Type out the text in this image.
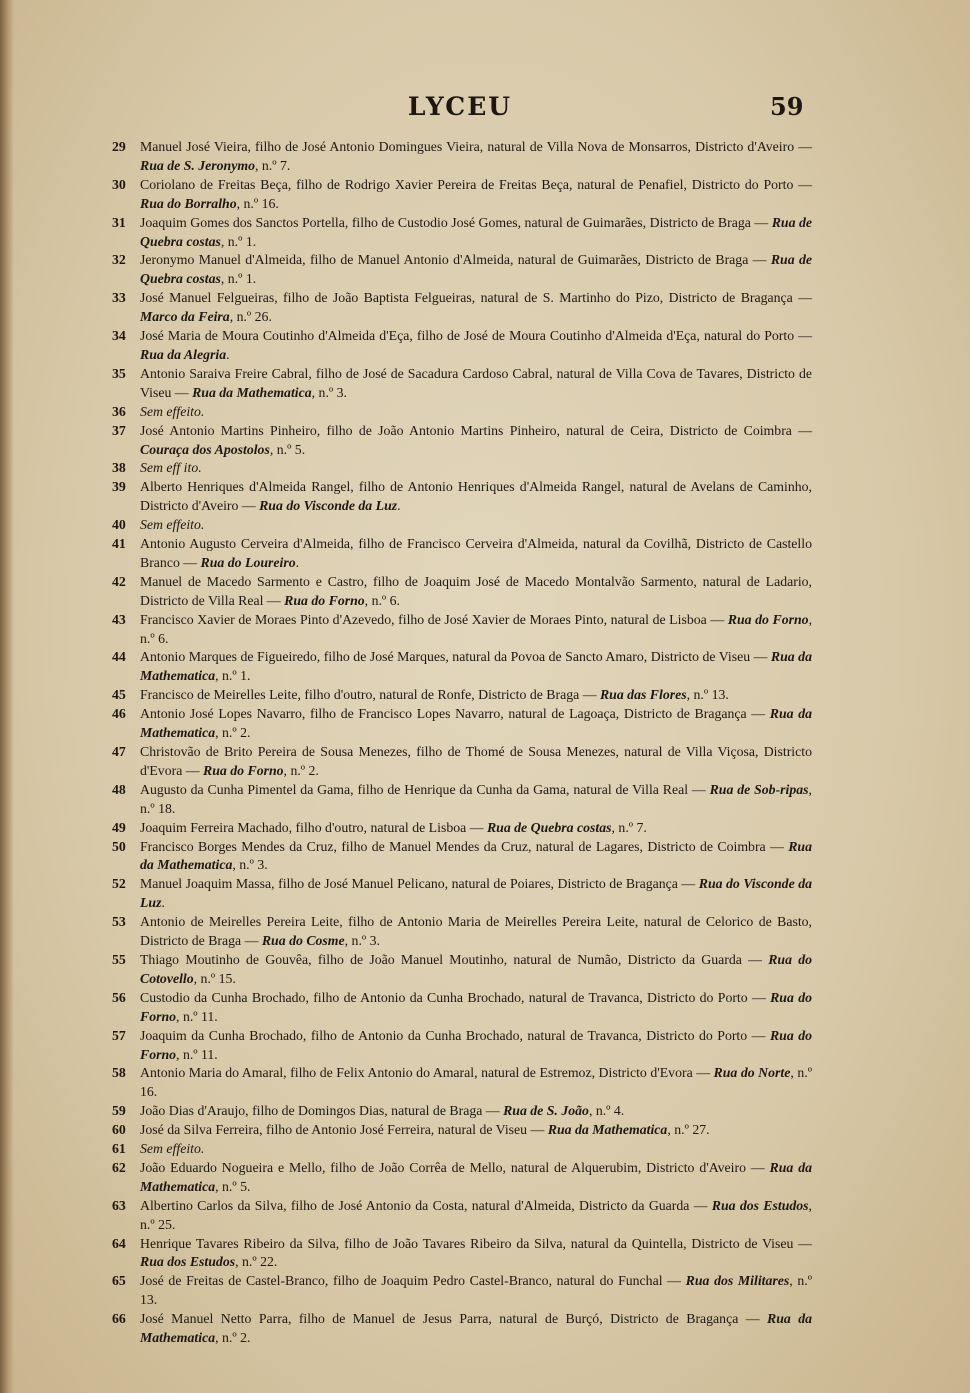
LYCEU	59
29	Manuel José Vieira, filho de José Antonio Domingues Vieira, natural de Villa Nova de Monsarros, Districto d'Aveiro — Rua de S. Jeronymo, n.º 7.
30	Coriolano de Freitas Beça, filho de Rodrigo Xavier Pereira de Freitas Beça, natural de Penafiel, Districto do Porto — Rua do Borralho, n.º 16.
31	Joaquim Gomes dos Sanctos Portella, filho de Custodio José Gomes, natural de Guimarães, Districto de Braga — Rua de Quebra costas, n.º 1.
32	Jeronymo Manuel d'Almeida, filho de Manuel Antonio d'Almeida, natural de Guimarães, Districto de Braga — Rua de Quebra costas, n.º 1.
33	José Manuel Felgueiras, filho de João Baptista Felgueiras, natural de S. Martinho do Pizo, Districto de Bragança — Marco da Feira, n.º 26.
34	José Maria de Moura Coutinho d'Almeida d'Eça, filho de José de Moura Coutinho d'Almeida d'Eça, natural do Porto — Rua da Alegria.
35	Antonio Saraiva Freire Cabral, filho de José de Sacadura Cardoso Cabral, natural de Villa Cova de Tavares, Districto de Viseu — Rua da Mathematica, n.º 3.
36	Sem effeito.
37	José Antonio Martins Pinheiro, filho de João Antonio Martins Pinheiro, natural de Ceira, Districto de Coimbra — Couraça dos Apostolos, n.º 5.
38	Sem eff ito.
39	Alberto Henriques d'Almeida Rangel, filho de Antonio Henriques d'Almeida Rangel, natural de Avelans de Caminho, Districto d'Aveiro — Rua do Visconde da Luz.
40	Sem effeito.
41	Antonio Augusto Cerveira d'Almeida, filho de Francisco Cerveira d'Almeida, natural da Covilhã, Districto de Castello Branco — Rua do Loureiro.
42	Manuel de Macedo Sarmento e Castro, filho de Joaquim José de Macedo Montalvão Sarmento, natural de Ladario, Districto de Villa Real — Rua do Forno, n.º 6.
43	Francisco Xavier de Moraes Pinto d'Azevedo, filho de José Xavier de Moraes Pinto, natural de Lisboa — Rua do Forno, n.º 6.
44	Antonio Marques de Figueiredo, filho de José Marques, natural da Povoa de Sancto Amaro, Districto de Viseu — Rua da Mathematica, n.º 1.
45	Francisco de Meirelles Leite, filho d'outro, natural de Ronfe, Districto de Braga — Rua das Flores, n.º 13.
46	Antonio José Lopes Navarro, filho de Francisco Lopes Navarro, natural de Lagoaça, Districto de Bragança — Rua da Mathematica, n.º 2.
47	Christovão de Brito Pereira de Sousa Menezes, filho de Thomé de Sousa Menezes, natural de Villa Viçosa, Districto d'Evora — Rua do Forno, n.º 2.
48	Augusto da Cunha Pimentel da Gama, filho de Henrique da Cunha da Gama, natural de Villa Real — Rua de Sob-ripas, n.º 18.
49	Joaquim Ferreira Machado, filho d'outro, natural de Lisboa — Rua de Quebra costas, n.º 7.
50	Francisco Borges Mendes da Cruz, filho de Manuel Mendes da Cruz, natural de Lagares, Districto de Coimbra — Rua da Mathematica, n.º 3.
52	Manuel Joaquim Massa, filho de José Manuel Pelicano, natural de Poiares, Districto de Bragança — Rua do Visconde da Luz.
53	Antonio de Meirelles Pereira Leite, filho de Antonio Maria de Meirelles Pereira Leite, natural de Celorico de Basto, Districto de Braga — Rua do Cosme, n.º 3.
55	Thiago Moutinho de Gouvêa, filho de João Manuel Moutinho, natural de Numão, Districto da Guarda — Rua do Cotovello, n.º 15.
56	Custodio da Cunha Brochado, filho de Antonio da Cunha Brochado, natural de Travanca, Districto do Porto — Rua do Forno, n.º 11.
57	Joaquim da Cunha Brochado, filho de Antonio da Cunha Brochado, natural de Travanca, Districto do Porto — Rua do Forno, n.º 11.
58	Antonio Maria do Amaral, filho de Felix Antonio do Amaral, natural de Estremoz, Districto d'Evora — Rua do Norte, n.º 16.
59	João Dias d'Araujo, filho de Domingos Dias, natural de Braga — Rua de S. João, n.º 4.
60	José da Silva Ferreira, filho de Antonio José Ferreira, natural de Viseu — Rua da Mathematica, n.º 27.
61	Sem effeito.
62	João Eduardo Nogueira e Mello, filho de João Corrêa de Mello, natural de Alquerubim, Districto d'Aveiro — Rua da Mathematica, n.º 5.
63	Albertino Carlos da Silva, filho de José Antonio da Costa, natural d'Almeida, Districto da Guarda — Rua dos Estudos, n.º 25.
64	Henrique Tavares Ribeiro da Silva, filho de João Tavares Ribeiro da Silva, natural da Quintella, Districto de Viseu — Rua dos Estudos, n.º 22.
65	José de Freitas de Castel-Branco, filho de Joaquim Pedro Castel-Branco, natural do Funchal — Rua dos Militares, n.º 13.
66	José Manuel Netto Parra, filho de Manuel de Jesus Parra, natural de Burçó, Districto de Bragança — Rua da Mathematica, n.º 2.
